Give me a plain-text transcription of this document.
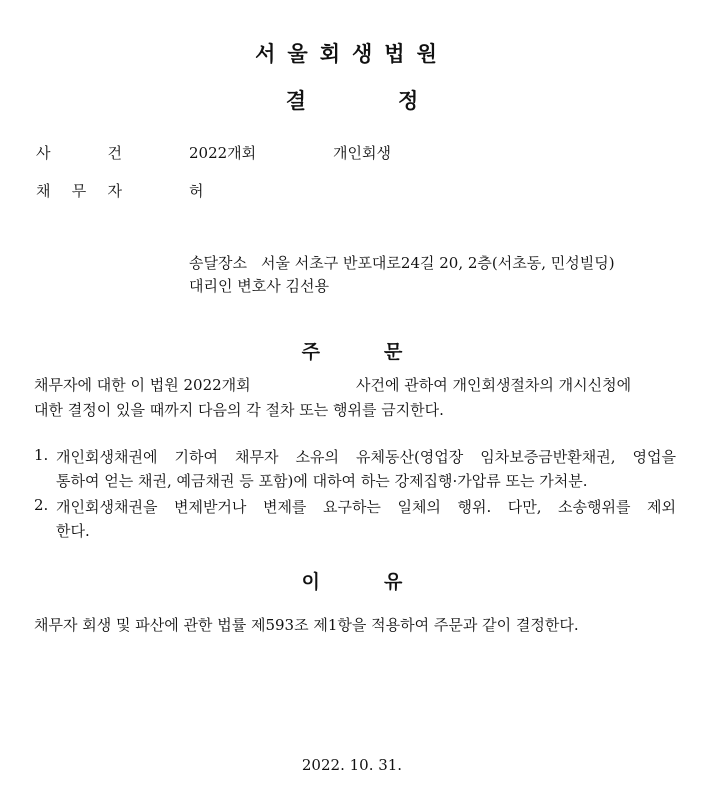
서울회생법원
결	정
사 건	2022개회	개인회생
채 무 자	허
송달장소 서울 서초구 반포대로24길 20, 2층(서초동, 민성빌딩)
대리인 변호사 김선용
주	문
채무자에 대한 이 법원 2022개회	사건에 관하여 개인회생절차의 개시신청에
대한 결정이 있을 때까지 다음의 각 절차 또는 행위를 금지한다.
1. 개인회생채권에 기하여 채무자 소유의 유체동산(영업장 임차보증금반환채권, 영업을
통하여 얻는 채권, 예금채권 등 포함)에 대하여 하는 강제집행·가압류 또는 가처분.
2. 개인회생채권을 변제받거나 변제를 요구하는 일체의 행위. 다만, 소송행위를 제외
한다.
이	유
채무자 회생 및 파산에 관한 법률 제593조 제1항을 적용하여 주문과 같이 결정한다.
2022. 10. 31.
